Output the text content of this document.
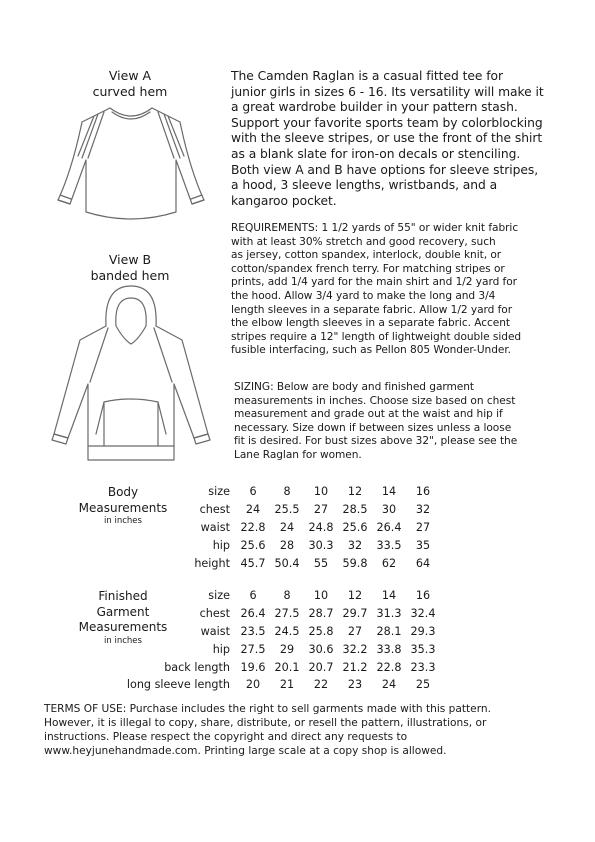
View A
curved hem
View B
banded hem
The Camden Raglan is a casual fitted tee for
junior girls in sizes 6 - 16. Its versatility will make it
a great wardrobe builder in your pattern stash.
Support your favorite sports team by colorblocking
with the sleeve stripes, or use the front of the shirt
as a blank slate for iron-on decals or stenciling.
Both view A and B have options for sleeve stripes,
a hood, 3 sleeve lengths, wristbands, and a
kangaroo pocket.
REQUIREMENTS: 1 1/2 yards of 55" or wider knit fabric
with at least 30% stretch and good recovery, such
as jersey, cotton spandex, interlock, double knit, or
cotton/spandex french terry. For matching stripes or
prints, add 1/4 yard for the main shirt and 1/2 yard for
the hood. Allow 3/4 yard to make the long and 3/4
length sleeves in a separate fabric. Allow 1/2 yard for
the elbow length sleeves in a separate fabric. Accent
stripes require a 12" length of lightweight double sided
fusible interfacing, such as Pellon 805 Wonder-Under.
SIZING: Below are body and finished garment
measurements in inches. Choose size based on chest
measurement and grade out at the waist and hip if
necessary. Size down if between sizes unless a loose
fit is desired. For bust sizes above 32", please see the
Lane Raglan for women.
Body
Measurements
in inches
size	6	8	10	12	14	16
chest	24	25.5	27	28.5	30	32
waist	22.8	24	24.8	25.6	26.4	27
hip	25.6	28	30.3	32	33.5	35
height	45.7	50.4	55	59.8	62	64
Finished
Garment
Measurements
in inches
size	6	8	10	12	14	16
chest	26.4	27.5	28.7	29.7	31.3	32.4
waist	23.5	24.5	25.8	27	28.1	29.3
hip	27.5	29	30.6	32.2	33.8	35.3
back length	19.6	20.1	20.7	21.2	22.8	23.3
long sleeve length	20	21	22	23	24	25
TERMS OF USE: Purchase includes the right to sell garments made with this pattern.
However, it is illegal to copy, share, distribute, or resell the pattern, illustrations, or
instructions. Please respect the copyright and direct any requests to
www.heyjunehandmade.com. Printing large scale at a copy shop is allowed.
